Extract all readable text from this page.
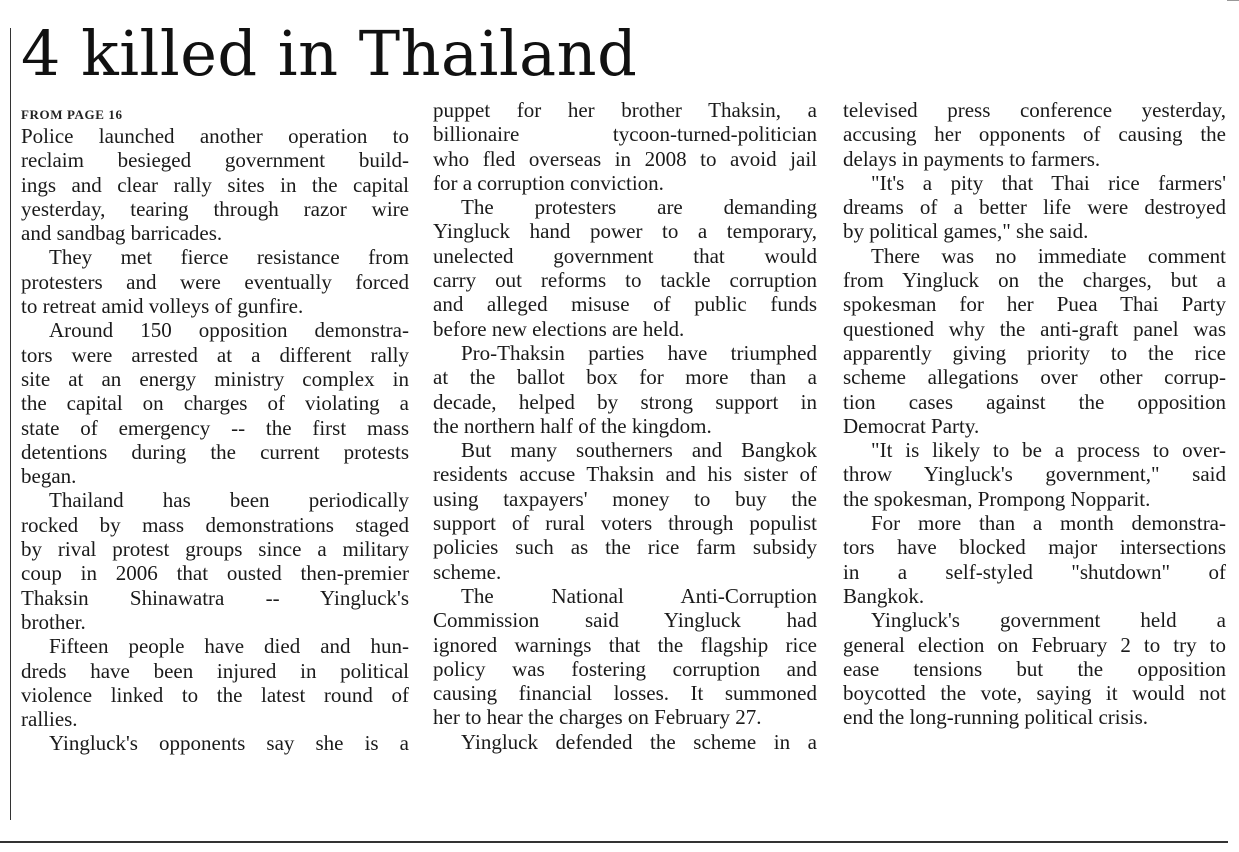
4 killed in Thailand
FROM PAGE 16
Police launched another operation to
reclaim besieged government build-
ings and clear rally sites in the capital
yesterday, tearing through razor wire
and sandbag barricades.
They met fierce resistance from
protesters and were eventually forced
to retreat amid volleys of gunfire.
Around 150 opposition demonstra-
tors were arrested at a different rally
site at an energy ministry complex in
the capital on charges of violating a
state of emergency -- the first mass
detentions during the current protests
began.
Thailand has been periodically
rocked by mass demonstrations staged
by rival protest groups since a military
coup in 2006 that ousted then-premier
Thaksin Shinawatra -- Yingluck's
brother.
Fifteen people have died and hun-
dreds have been injured in political
violence linked to the latest round of
rallies.
Yingluck's opponents say she is a
puppet for her brother Thaksin, a
billionaire tycoon-turned-politician
who fled overseas in 2008 to avoid jail
for a corruption conviction.
The protesters are demanding
Yingluck hand power to a temporary,
unelected government that would
carry out reforms to tackle corruption
and alleged misuse of public funds
before new elections are held.
Pro-Thaksin parties have triumphed
at the ballot box for more than a
decade, helped by strong support in
the northern half of the kingdom.
But many southerners and Bangkok
residents accuse Thaksin and his sister of
using taxpayers' money to buy the
support of rural voters through populist
policies such as the rice farm subsidy
scheme.
The National Anti-Corruption
Commission said Yingluck had
ignored warnings that the flagship rice
policy was fostering corruption and
causing financial losses. It summoned
her to hear the charges on February 27.
Yingluck defended the scheme in a
televised press conference yesterday,
accusing her opponents of causing the
delays in payments to farmers.
"It's a pity that Thai rice farmers'
dreams of a better life were destroyed
by political games," she said.
There was no immediate comment
from Yingluck on the charges, but a
spokesman for her Puea Thai Party
questioned why the anti-graft panel was
apparently giving priority to the rice
scheme allegations over other corrup-
tion cases against the opposition
Democrat Party.
"It is likely to be a process to over-
throw Yingluck's government," said
the spokesman, Prompong Nopparit.
For more than a month demonstra-
tors have blocked major intersections
in a self-styled "shutdown" of
Bangkok.
Yingluck's government held a
general election on February 2 to try to
ease tensions but the opposition
boycotted the vote, saying it would not
end the long-running political crisis.
